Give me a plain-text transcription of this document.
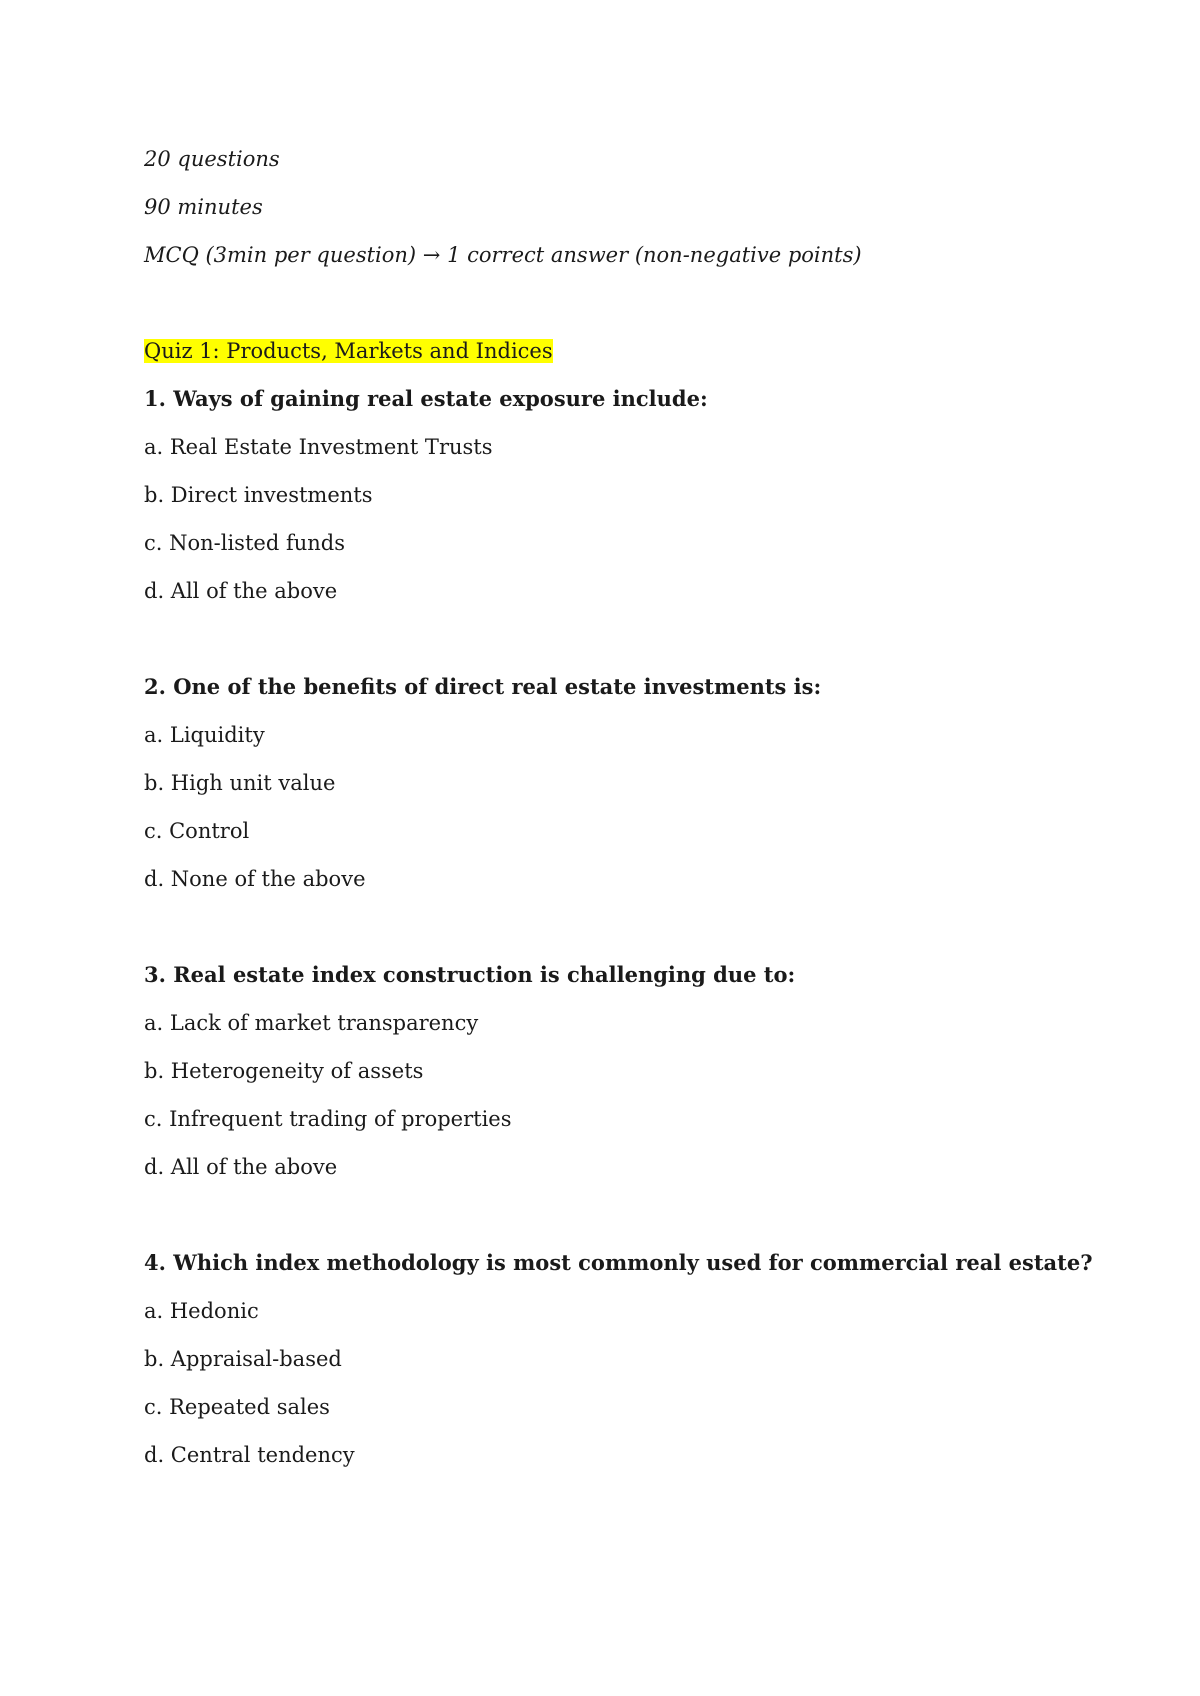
20 questions
90 minutes
MCQ (3min per question) → 1 correct answer (non-negative points)
Quiz 1: Products, Markets and Indices
1. Ways of gaining real estate exposure include:
a. Real Estate Investment Trusts
b. Direct investments
c. Non-listed funds
d. All of the above
2. One of the benefits of direct real estate investments is:
a. Liquidity
b. High unit value
c. Control
d. None of the above
3. Real estate index construction is challenging due to:
a. Lack of market transparency
b. Heterogeneity of assets
c. Infrequent trading of properties
d. All of the above
4. Which index methodology is most commonly used for commercial real estate?
a. Hedonic
b. Appraisal-based
c. Repeated sales
d. Central tendency
